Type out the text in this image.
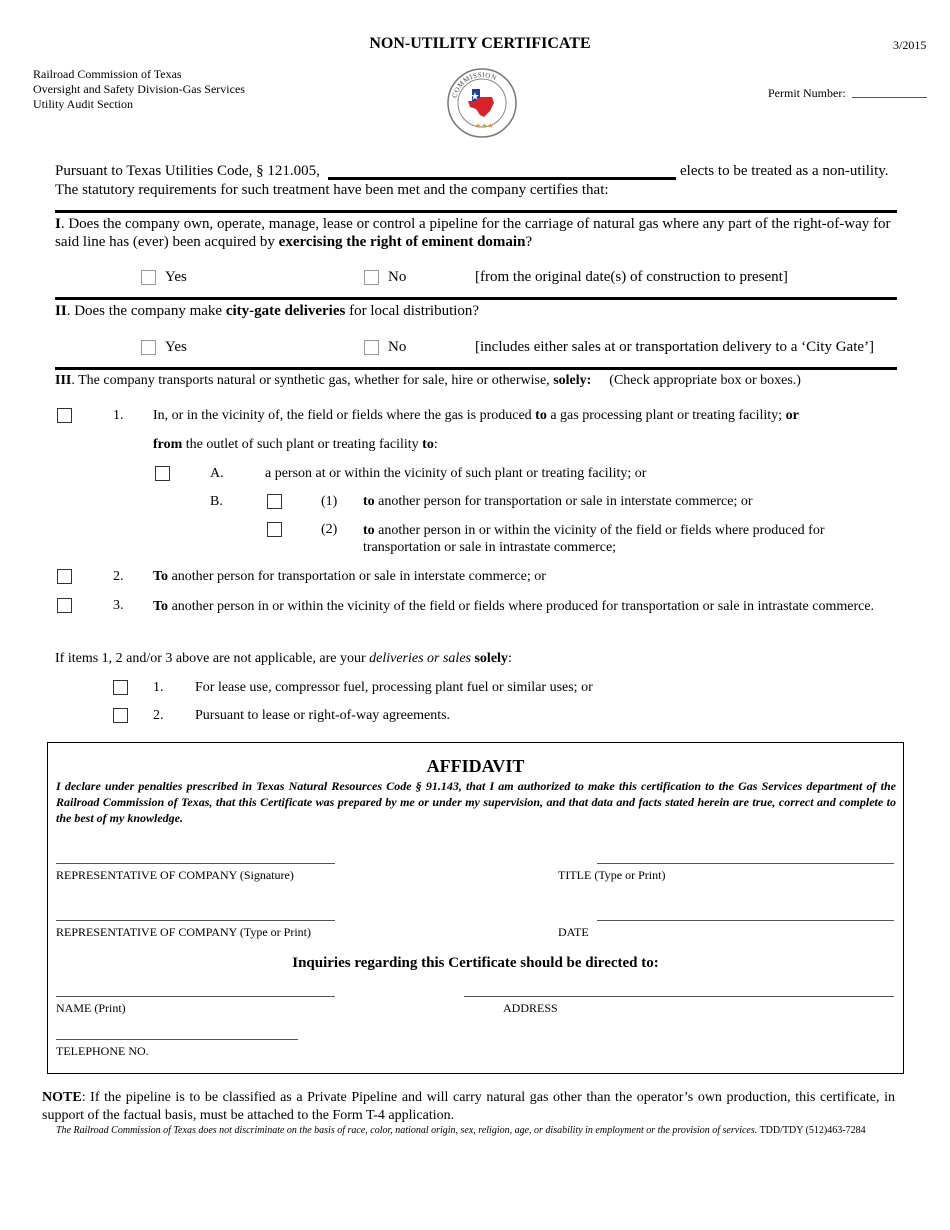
NON-UTILITY CERTIFICATE	3/2015
Railroad Commission of Texas
Oversight and Safety Division-Gas Services
Utility Audit Section
COMMISSION
★★★
Permit Number:
Pursuant to Texas Utilities Code, § 121.005,	elects to be treated as a non-utility.
The statutory requirements for such treatment have been met and the company certifies that:
I. Does the company own, operate, manage, lease or control a pipeline for the carriage of natural gas where any part of the right-of-way for said line has (ever) been acquired by exercising the right of eminent domain?
Yes	No	[from the original date(s) of construction to present]
II. Does the company make city-gate deliveries for local distribution?
Yes	No	[includes either sales at or transportation delivery to a ‘City Gate’]
III. The company transports natural or synthetic gas, whether for sale, hire or otherwise, solely: (Check appropriate box or boxes.)
1. In, or in the vicinity of, the field or fields where the gas is produced to a gas processing plant or treating facility; or
from the outlet of such plant or treating facility to:
A.	a person at or within the vicinity of such plant or treating facility; or
B.	(1) to another person for transportation or sale in interstate commerce; or
(2) to another person in or within the vicinity of the field or fields where produced for transportation or sale in intrastate commerce;
2. To another person for transportation or sale in interstate commerce; or
3. To another person in or within the vicinity of the field or fields where produced for transportation or sale in intrastate commerce.
If items 1, 2 and/or 3 above are not applicable, are your deliveries or sales solely:
1. For lease use, compressor fuel, processing plant fuel or similar uses; or
2. Pursuant to lease or right-of-way agreements.
AFFIDAVIT
I declare under penalties prescribed in Texas Natural Resources Code § 91.143, that I am authorized to make this certification to the Gas Services department of the Railroad Commission of Texas, that this Certificate was prepared by me or under my supervision, and that data and facts stated herein are true, correct and complete to the best of my knowledge.
REPRESENTATIVE OF COMPANY (Signature)	TITLE (Type or Print)
REPRESENTATIVE OF COMPANY (Type or Print)	DATE
Inquiries regarding this Certificate should be directed to:
NAME (Print)	ADDRESS
TELEPHONE NO.
NOTE: If the pipeline is to be classified as a Private Pipeline and will carry natural gas other than the operator’s own production, this certificate, in support of the factual basis, must be attached to the Form T-4 application.
The Railroad Commission of Texas does not discriminate on the basis of race, color, national origin, sex, religion, age, or disability in employment or the provision of services. TDD/TDY (512)463-7284
